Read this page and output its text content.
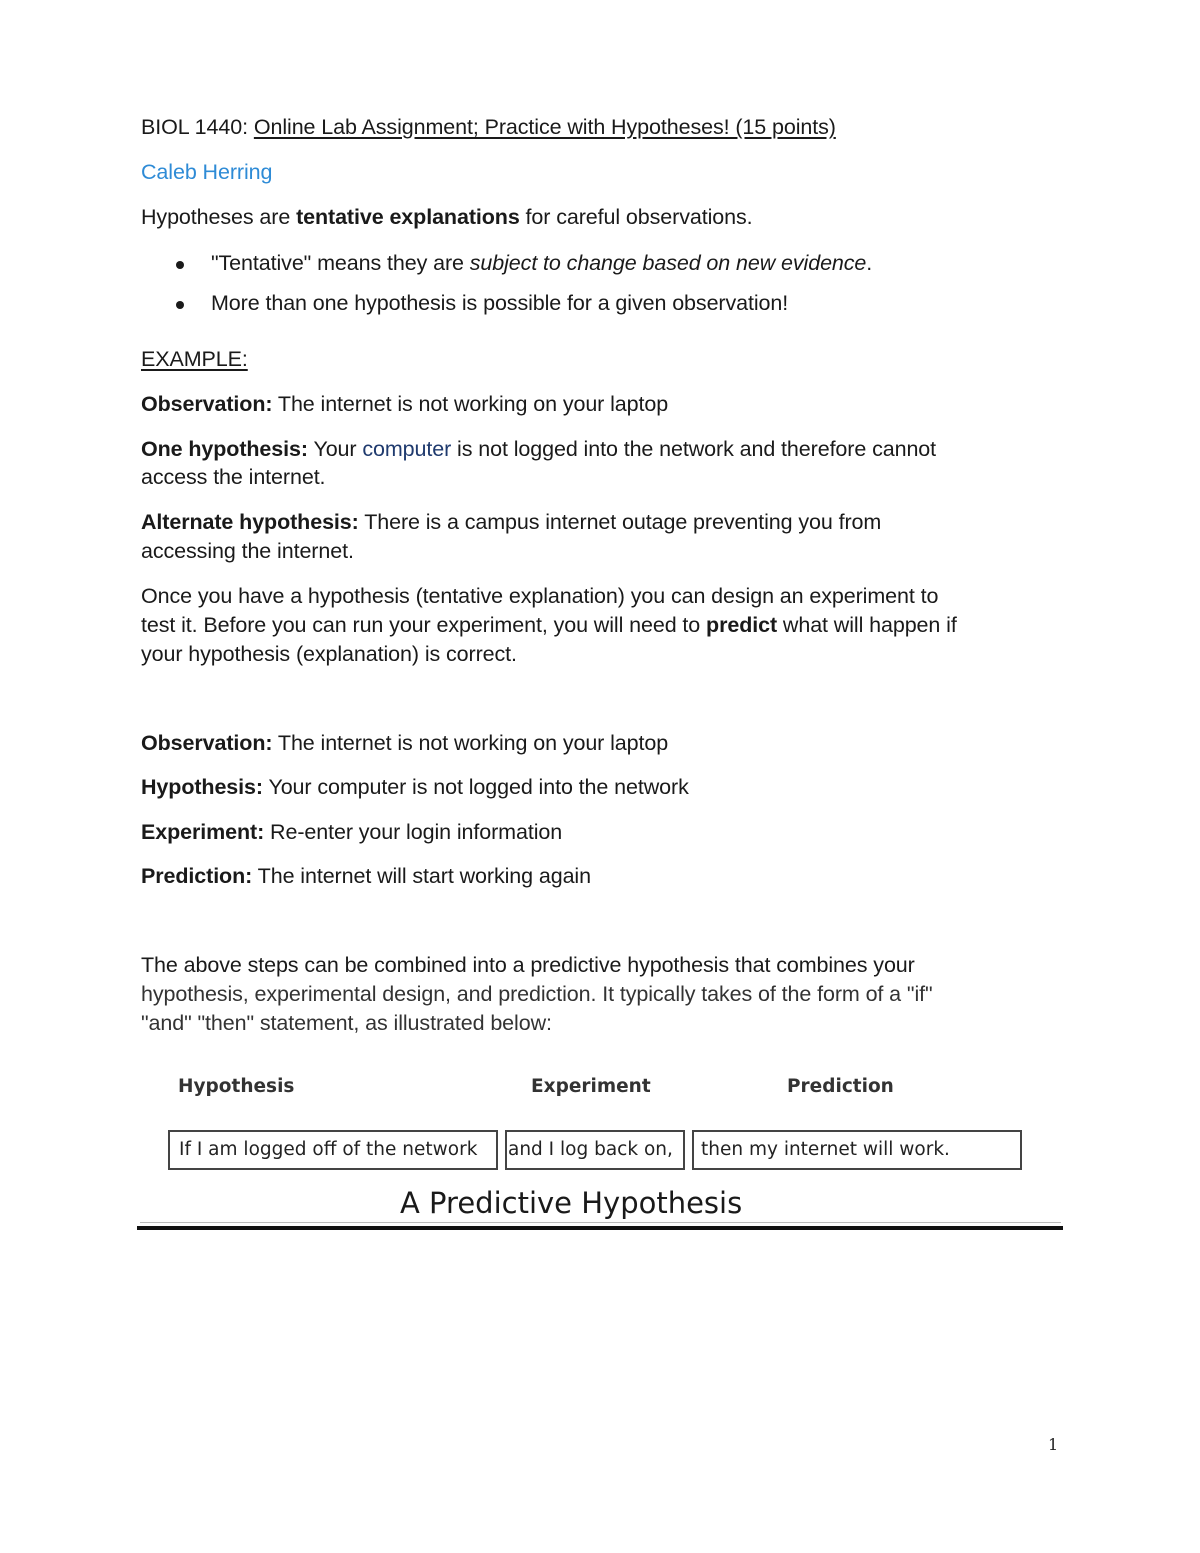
BIOL 1440: Online Lab Assignment; Practice with Hypotheses! (15 points)
Caleb Herring
Hypotheses are tentative explanations for careful observations.
"Tentative" means they are subject to change based on new evidence.
More than one hypothesis is possible for a given observation!
EXAMPLE:
Observation: The internet is not working on your laptop
One hypothesis: Your computer is not logged into the network and therefore cannot
access the internet.
Alternate hypothesis: There is a campus internet outage preventing you from
accessing the internet.
Once you have a hypothesis (tentative explanation) you can design an experiment to
test it. Before you can run your experiment, you will need to predict what will happen if
your hypothesis (explanation) is correct.
Observation: The internet is not working on your laptop
Hypothesis: Your computer is not logged into the network
Experiment: Re-enter your login information
Prediction: The internet will start working again
The above steps can be combined into a predictive hypothesis that combines your
hypothesis, experimental design, and prediction. It typically takes of the form of a "if"
"and" "then" statement, as illustrated below:
Hypothesis	Experiment	Prediction
If I am logged off of the network	and I log back on,	then my internet will work.
A Predictive Hypothesis
1
